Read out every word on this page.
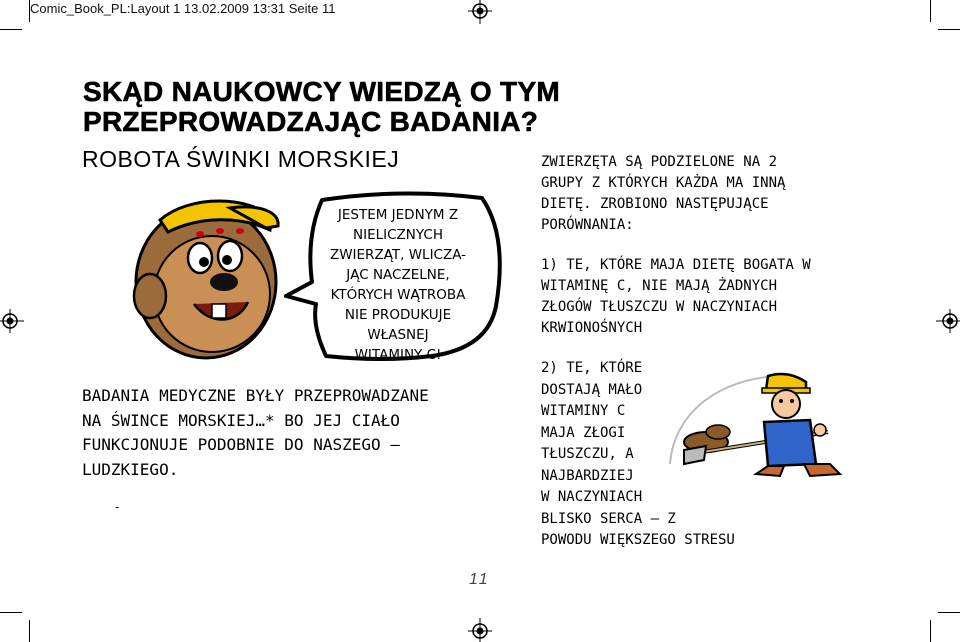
Comic_Book_PL:Layout 1 13.02.2009 13:31 Seite 11
SKĄD NAUKOWCY WIEDZĄ O TYM
PRZEPROWADZAJĄC BADANIA?
ROBOTA ŚWINKI MORSKIEJ
JESTEM JEDNYM Z
NIELICZNYCH
ZWIERZĄT, WLICZA-
JĄC NACZELNE,
KTÓRYCH WĄTROBA
NIE PRODUKUJE
WŁASNEJ
WITAMINY C!
BADANIA MEDYCZNE BYŁY PRZEPROWADZANE
NA ŚWINCE MORSKIEJ…* BO JEJ CIAŁO
FUNKCJONUJE PODOBNIE DO NASZEGO –
LUDZKIEGO.
-
ZWIERZĘTA SĄ PODZIELONE NA 2
GRUPY Z KTÓRYCH KAŻDA MA INNĄ
DIETĘ. ZROBIONO NASTĘPUJĄCE
PORÓWNANIA:
1) TE, KTÓRE MAJA DIETĘ BOGATA W
WITAMINĘ C, NIE MAJĄ ŻADNYCH
ZŁOGÓW TŁUSZCZU W NACZYNIACH
KRWIONOŚNYCH
2) TE, KTÓRE
DOSTAJĄ MAŁO
WITAMINY C
MAJA ZŁOGI
TŁUSZCZU, A
NAJBARDZIEJ
W NACZYNIACH
BLISKO SERCA – Z
POWODU WIĘKSZEGO STRESU
11
